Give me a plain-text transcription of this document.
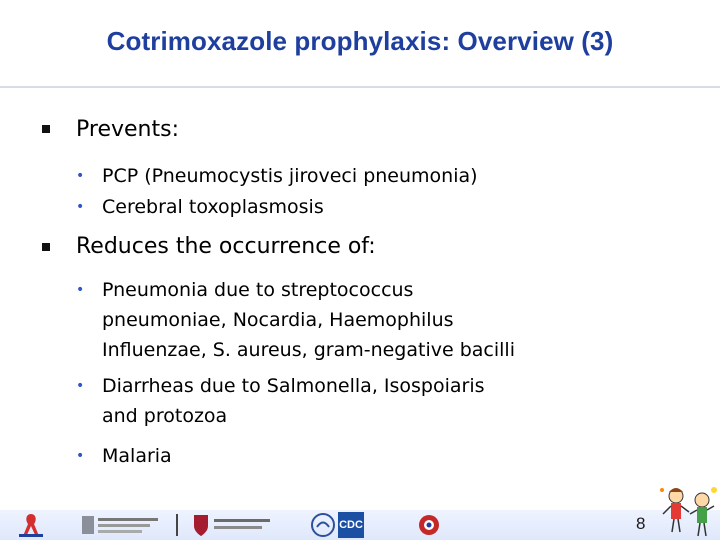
Cotrimoxazole prophylaxis: Overview (3)
Prevents:
• PCP (Pneumocystis jiroveci pneumonia)
• Cerebral toxoplasmosis
Reduces the occurrence of:
• Pneumonia due to streptococcus
pneumoniae, Nocardia, Haemophilus
Influenzae, S. aureus, gram-negative bacilli
• Diarrheas due to Salmonella, Isospoiaris
and protozoa
• Malaria
CDC	8
